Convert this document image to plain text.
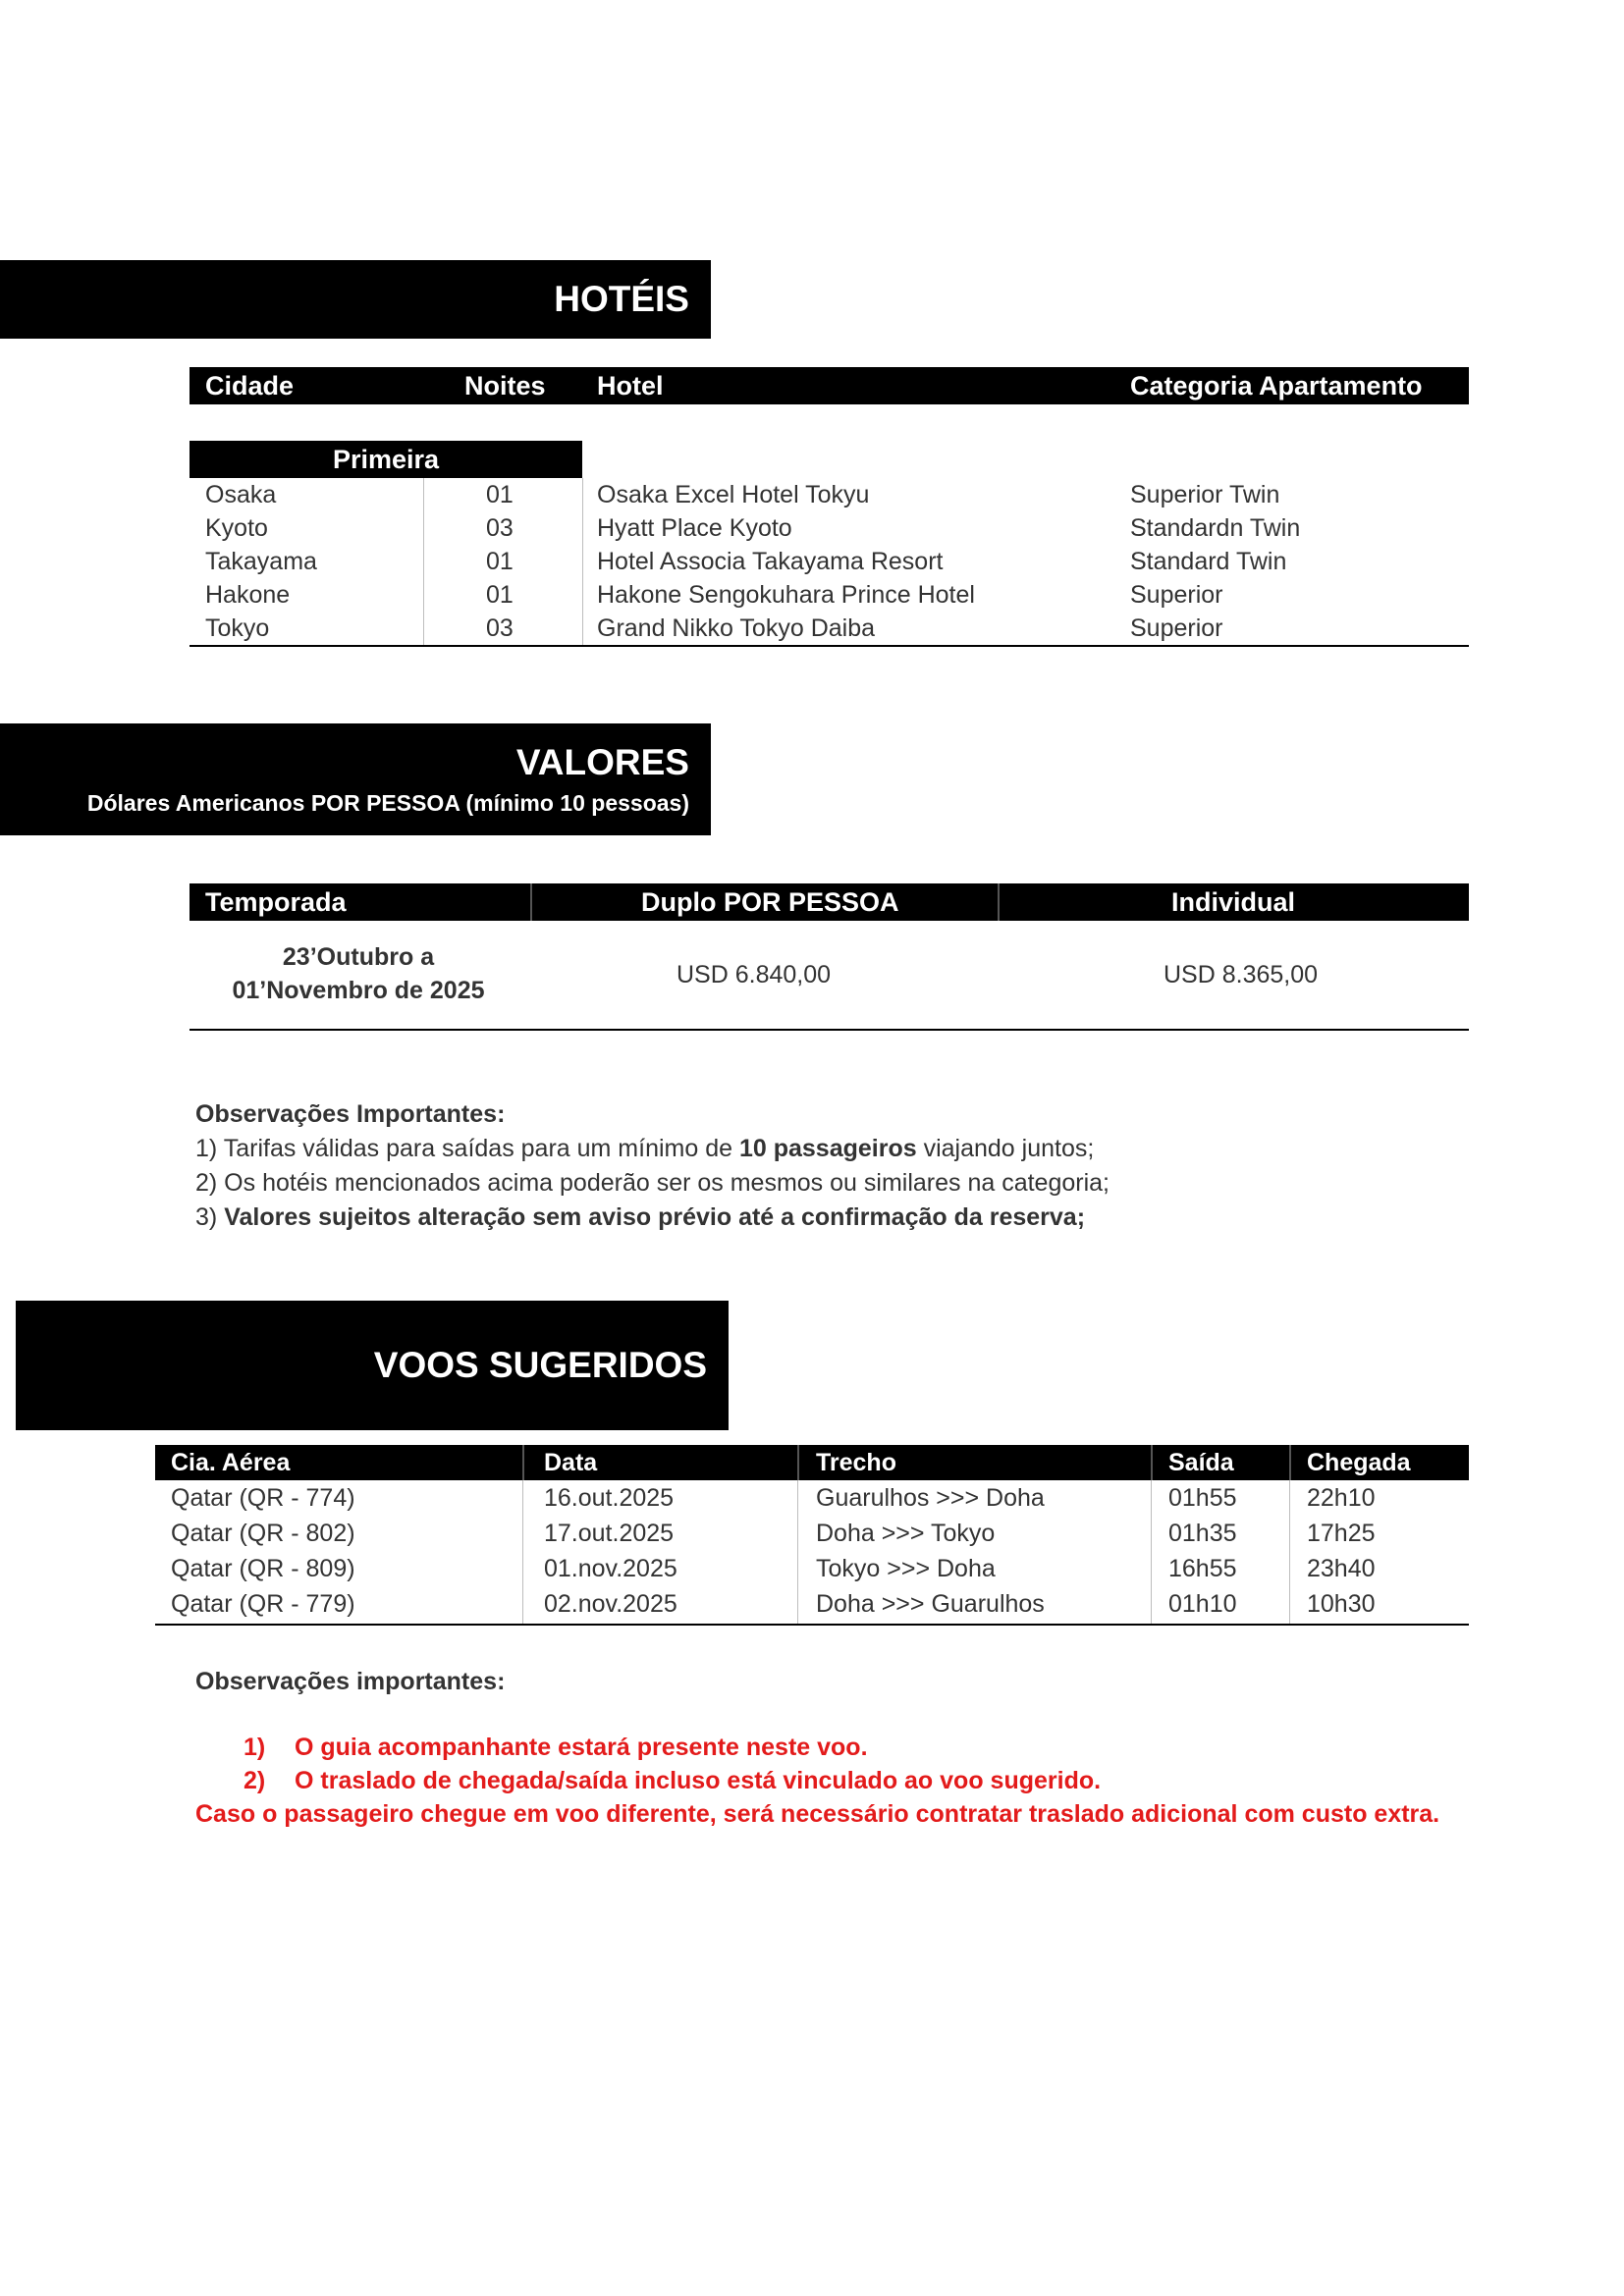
HOTÉIS
Cidade	Noites Hotel	Categoria Apartamento
Primeira
Osaka	01	Osaka Excel Hotel Tokyu	Superior Twin
Kyoto	03	Hyatt Place Kyoto	Standardn Twin
Takayama	01	Hotel Associa Takayama Resort	Standard Twin
Hakone	01	Hakone Sengokuhara Prince Hotel	Superior
Tokyo	03	Grand Nikko Tokyo Daiba	Superior
VALORES
Dólares Americanos POR PESSOA (mínimo 10 pessoas)
Temporada	Duplo POR PESSOA	Individual
23’Outubro a
01’Novembro de 2025
USD 6.840,00	USD 8.365,00
Observações Importantes:
1) Tarifas válidas para saídas para um mínimo de 10 passageiros viajando juntos;
2) Os hotéis mencionados acima poderão ser os mesmos ou similares na categoria;
3) Valores sujeitos alteração sem aviso prévio até a confirmação da reserva;
VOOS SUGERIDOS
Cia. Aérea	Data	Trecho	Saída	Chegada
Qatar (QR - 774)	16.out.2025	Guarulhos >>> Doha	01h55	22h10
Qatar (QR - 802)	17.out.2025	Doha >>> Tokyo	01h35	17h25
Qatar (QR - 809)	01.nov.2025	Tokyo >>> Doha	16h55	23h40
Qatar (QR - 779)	02.nov.2025	Doha >>> Guarulhos	01h10	10h30
Observações importantes:
1) O guia acompanhante estará presente neste voo.
2) O traslado de chegada/saída incluso está vinculado ao voo sugerido.
Caso o passageiro chegue em voo diferente, será necessário contratar traslado adicional com custo extra.
